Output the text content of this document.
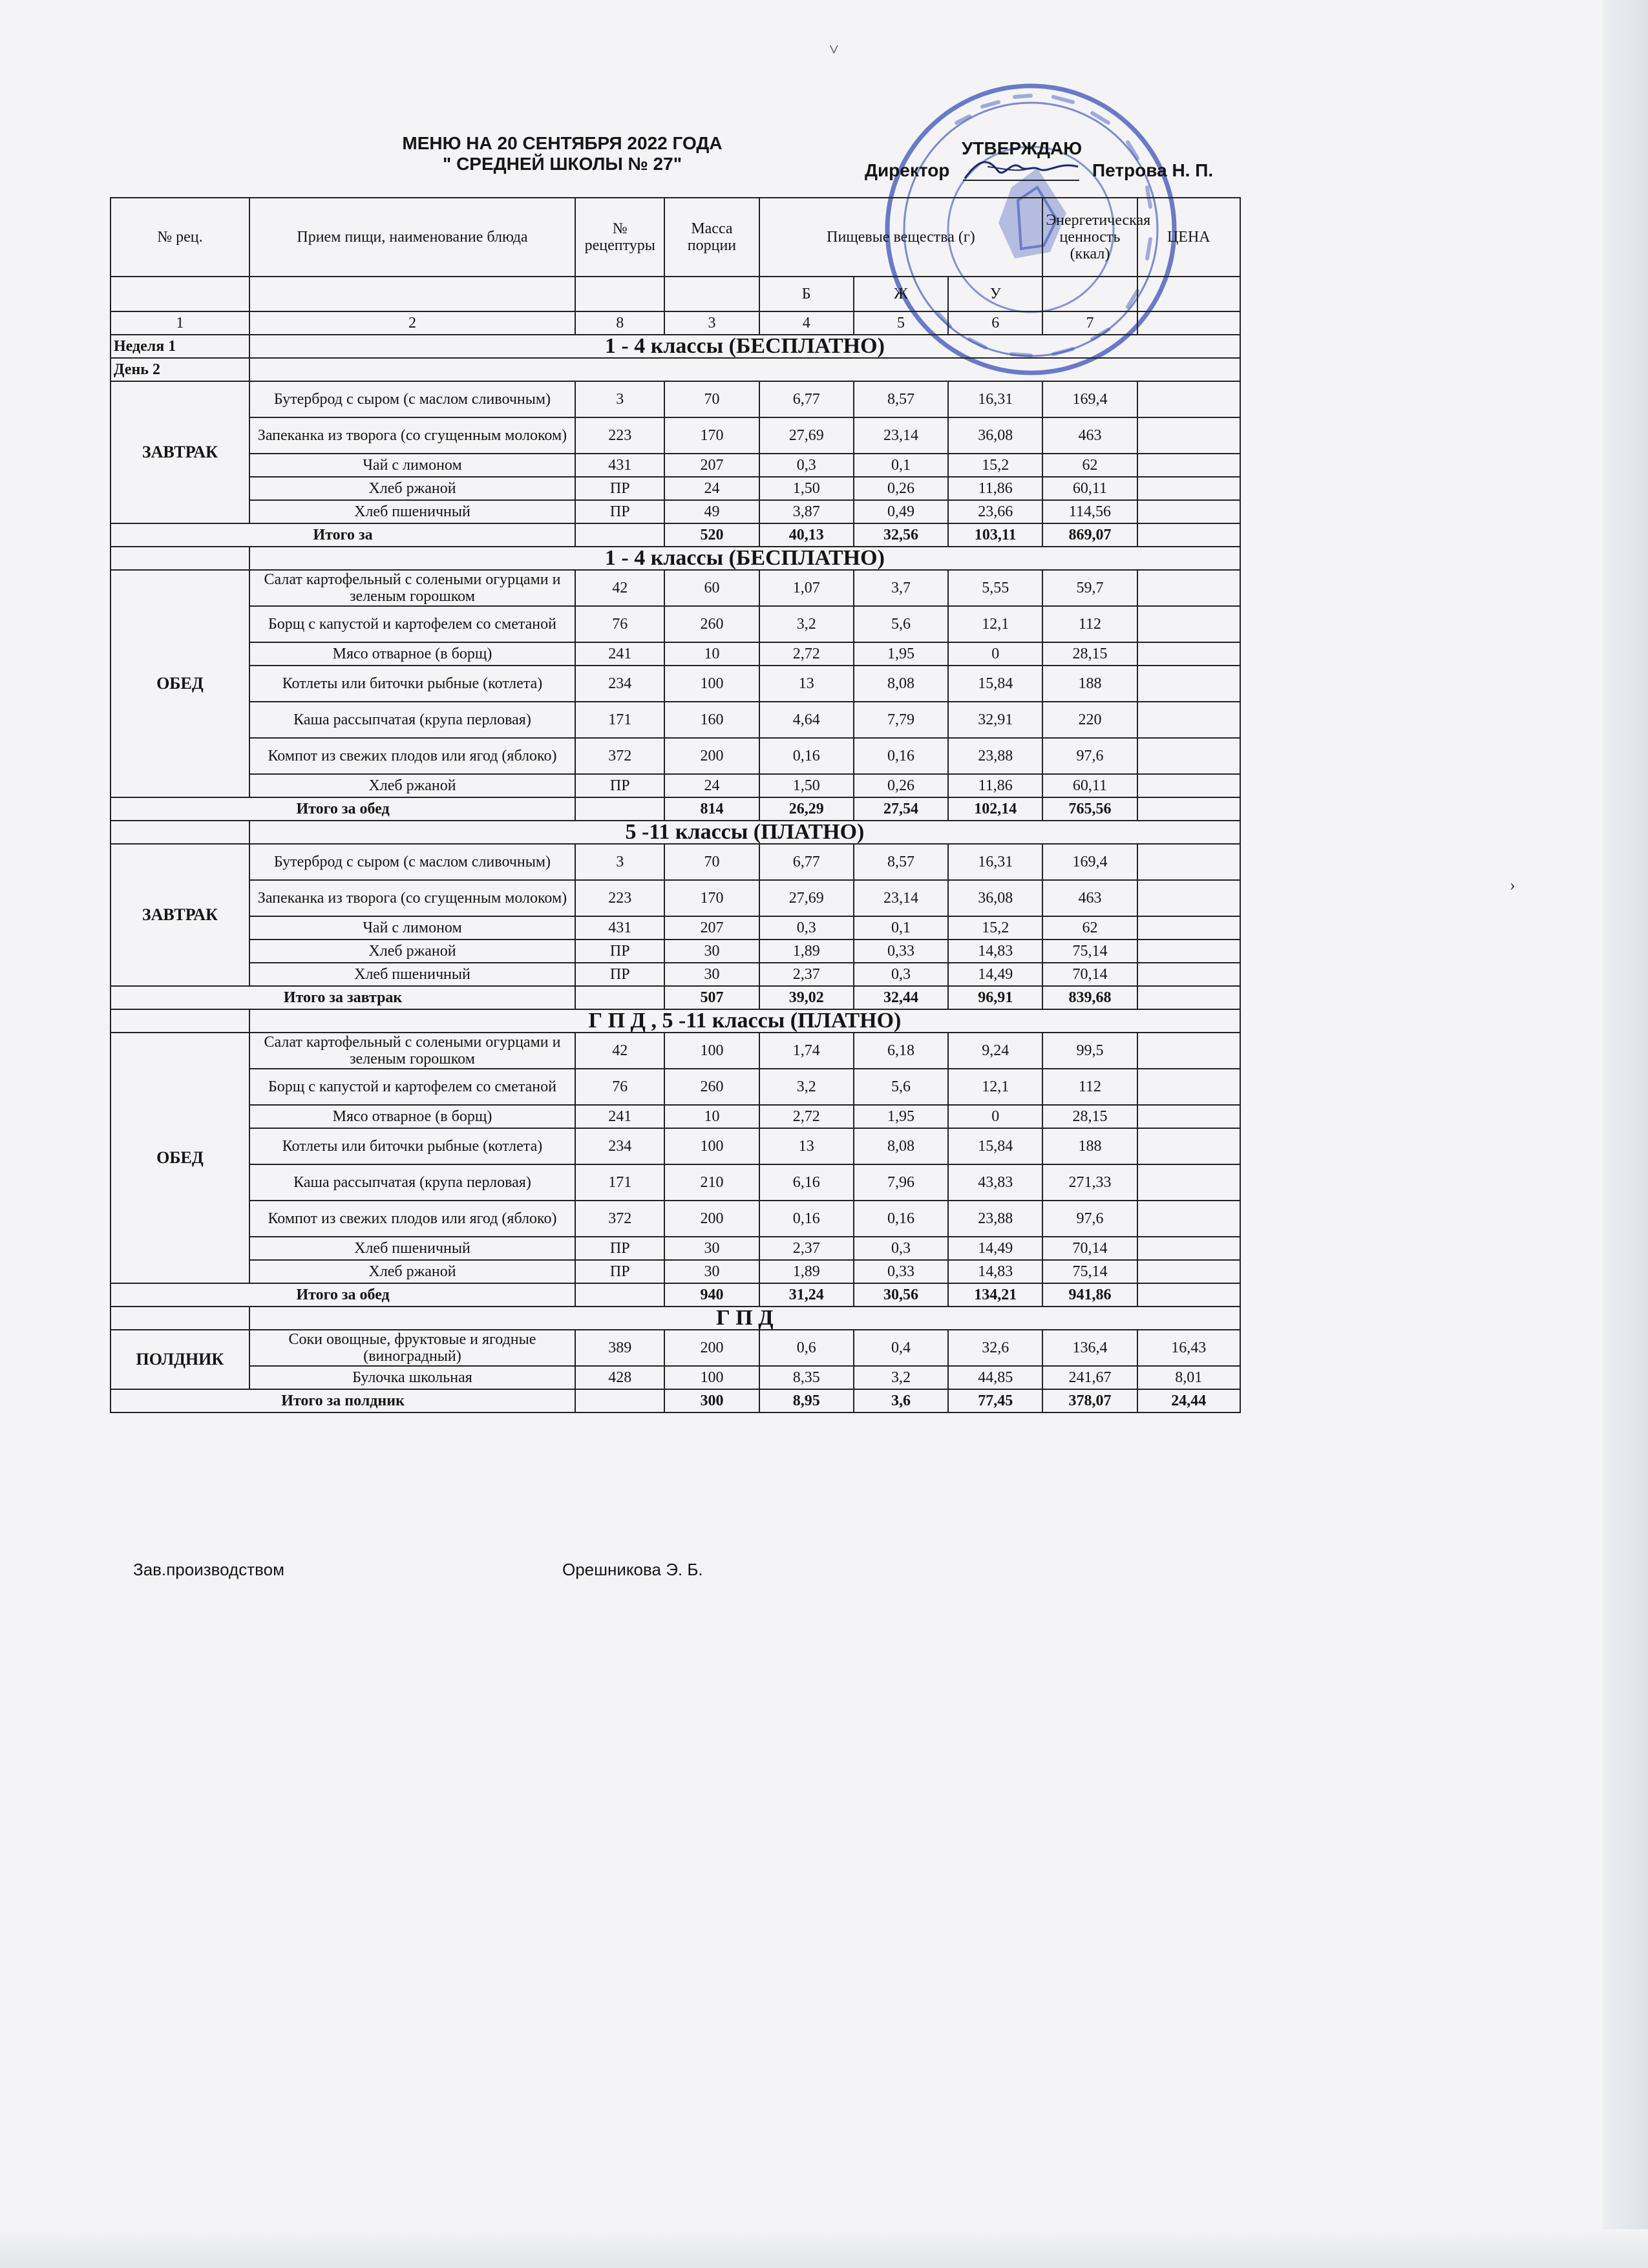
˅
›
МЕНЮ НА 20 СЕНТЯБРЯ 2022 ГОДА
" СРЕДНЕЙ ШКОЛЫ № 27"
УТВЕРЖДАЮ
Директор	Петрова Н. П.
№ рец.	Прием пищи, наименование блюда	№ рецептуры	Масса порции	Пищевые вещества (г)			Энергетическая ценность (ккал)	ЦЕНА
				Б	Ж	У		
1	2	8	3	4	5	6	7	
Неделя 1	1 - 4 классы (БЕСПЛАТНО)							
День 2								
ЗАВТРАК	Бутерброд с сыром (с маслом сливочным)	3	70	6,77	8,57	16,31	169,4	
	Запеканка из творога (со сгущенным молоком)	223	170	27,69	23,14	36,08	463	
	Чай с лимоном	431	207	0,3	0,1	15,2	62	
	Хлеб ржаной	ПР	24	1,50	0,26	11,86	60,11	
	Хлеб пшеничный	ПР	49	3,87	0,49	23,66	114,56	
Итого за			520	40,13	32,56	103,11	869,07	
	1 - 4 классы (БЕСПЛАТНО)							
ОБЕД	Салат картофельный с солеными огурцами и зеленым горошком	42	60	1,07	3,7	5,55	59,7	
	Борщ с капустой и картофелем со сметаной	76	260	3,2	5,6	12,1	112	
	Мясо отварное (в борщ)	241	10	2,72	1,95	0	28,15	
	Котлеты или биточки рыбные (котлета)	234	100	13	8,08	15,84	188	
	Каша рассыпчатая (крупа перловая)	171	160	4,64	7,79	32,91	220	
	Компот из свежих плодов или ягод (яблоко)	372	200	0,16	0,16	23,88	97,6	
	Хлеб ржаной	ПР	24	1,50	0,26	11,86	60,11	
Итого за обед			814	26,29	27,54	102,14	765,56	
	5 -11 классы (ПЛАТНО)							
ЗАВТРАК	Бутерброд с сыром (с маслом сливочным)	3	70	6,77	8,57	16,31	169,4	
	Запеканка из творога (со сгущенным молоком)	223	170	27,69	23,14	36,08	463	
	Чай с лимоном	431	207	0,3	0,1	15,2	62	
	Хлеб ржаной	ПР	30	1,89	0,33	14,83	75,14	
	Хлеб пшеничный	ПР	30	2,37	0,3	14,49	70,14	
Итого за завтрак			507	39,02	32,44	96,91	839,68	
	Г П Д , 5 -11 классы (ПЛАТНО)							
ОБЕД	Салат картофельный с солеными огурцами и зеленым горошком	42	100	1,74	6,18	9,24	99,5	
	Борщ с капустой и картофелем со сметаной	76	260	3,2	5,6	12,1	112	
	Мясо отварное (в борщ)	241	10	2,72	1,95	0	28,15	
	Котлеты или биточки рыбные (котлета)	234	100	13	8,08	15,84	188	
	Каша рассыпчатая (крупа перловая)	171	210	6,16	7,96	43,83	271,33	
	Компот из свежих плодов или ягод (яблоко)	372	200	0,16	0,16	23,88	97,6	
	Хлеб пшеничный	ПР	30	2,37	0,3	14,49	70,14	
	Хлеб ржаной	ПР	30	1,89	0,33	14,83	75,14	
Итого за обед			940	31,24	30,56	134,21	941,86	
	Г П Д							
ПОЛДНИК	Соки овощные, фруктовые и ягодные (виноградный)	389	200	0,6	0,4	32,6	136,4	16,43
	Булочка школьная	428	100	8,35	3,2	44,85	241,67	8,01
Итого за полдник			300	8,95	3,6	77,45	378,07	24,44
Зав.производством	Орешникова Э. Б.
